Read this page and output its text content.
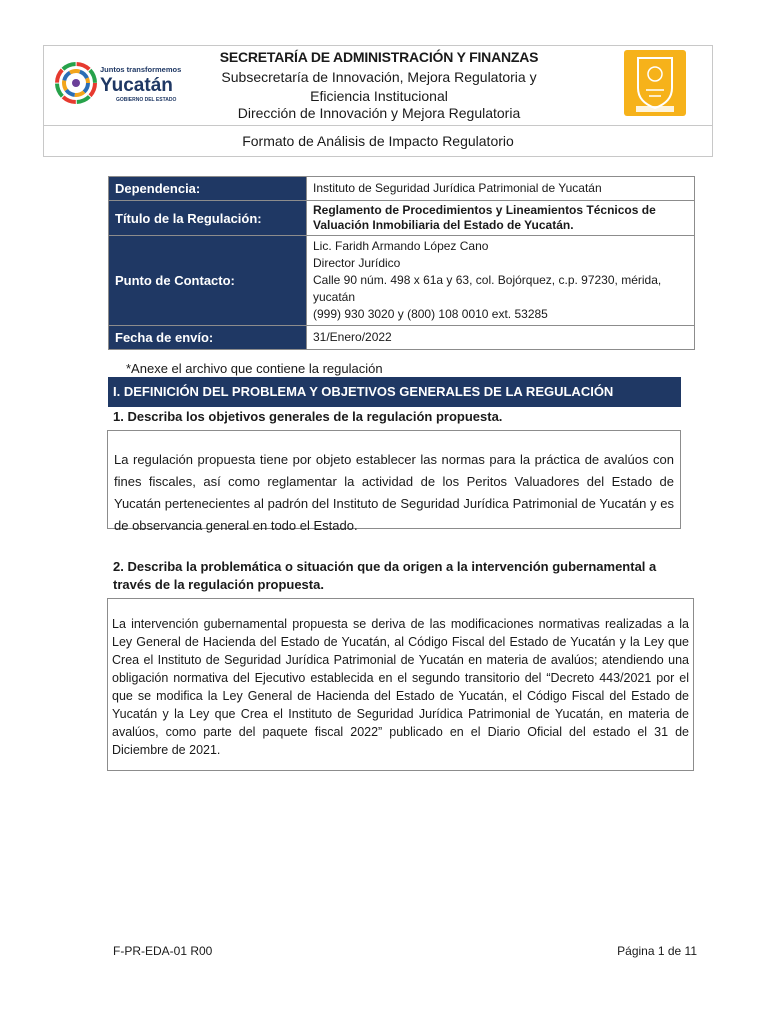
Juntos transformemos
Yucatán
GOBIERNO DEL ESTADO
SECRETARÍA DE ADMINISTRACIÓN Y FINANZAS
Subsecretaría de Innovación, Mejora Regulatoria y Eficiencia Institucional
Dirección de Innovación y Mejora Regulatoria
Formato de Análisis de Impacto Regulatorio
Dependencia:	Instituto de Seguridad Jurídica Patrimonial de Yucatán
Título de la Regulación:	Reglamento de Procedimientos y Lineamientos Técnicos de Valuación Inmobiliaria del Estado de Yucatán.
Punto de Contacto:	Lic. Faridh Armando López Cano
Director Jurídico
Calle 90 núm. 498 x 61a y 63, col. Bojórquez, c.p. 97230, mérida, yucatán
(999) 930 3020 y (800) 108 0010 ext. 53285

Fecha de envío:	31/Enero/2022
*Anexe el archivo que contiene la regulación
I. DEFINICIÓN DEL PROBLEMA Y OBJETIVOS GENERALES DE LA REGULACIÓN
1. Describa los objetivos generales de la regulación propuesta.
La regulación propuesta tiene por objeto establecer las normas para la práctica de avalúos con fines fiscales, así como reglamentar la actividad de los Peritos Valuadores del Estado de Yucatán pertenecientes al padrón del Instituto de Seguridad Jurídica Patrimonial de Yucatán y es de observancia general en todo el Estado.
2. Describa la problemática o situación que da origen a la intervención gubernamental a través de la regulación propuesta.
La intervención gubernamental propuesta se deriva de las modificaciones normativas realizadas a la Ley General de Hacienda del Estado de Yucatán, al Código Fiscal del Estado de Yucatán y la Ley que Crea el Instituto de Seguridad Jurídica Patrimonial de Yucatán en materia de avalúos; atendiendo una obligación normativa del Ejecutivo establecida en el segundo transitorio del “Decreto 443/2021 por el que se modifica la Ley General de Hacienda del Estado de Yucatán, el Código Fiscal del Estado de Yucatán y la Ley que Crea el Instituto de Seguridad Jurídica Patrimonial de Yucatán, en materia de avalúos, como parte del paquete fiscal 2022” publicado en el Diario Oficial del estado el 31 de Diciembre de 2021.
F-PR-EDA-01 R00	Página 1 de 11
